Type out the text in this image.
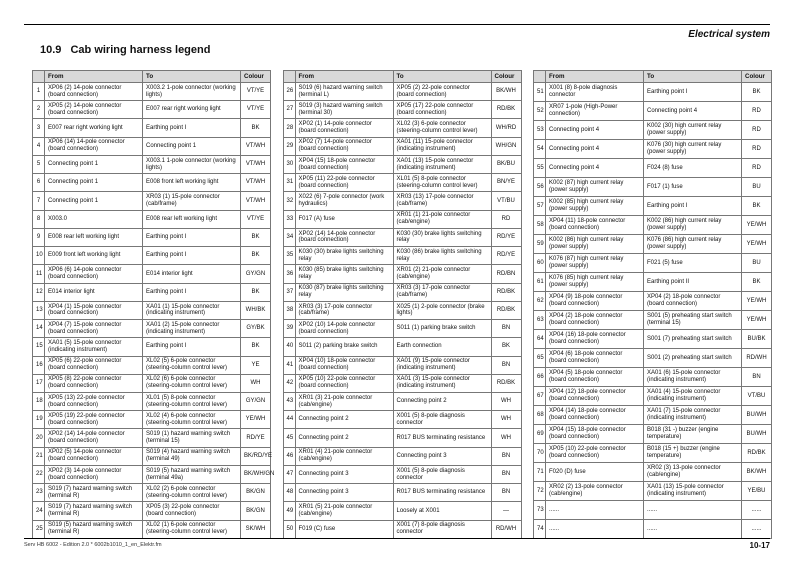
Electrical system
10.9 Cab wiring harness legend
	From	To	Colour
1	XP06 (2) 14-pole connector (board connection)	X003.2 1-pole connector (working lights)	VT/YE
2	XP05 (2) 14-pole connector (board connection)	E007 rear right working light	VT/YE
3	E007 rear right working light	Earthing point I	BK
4	XP06 (14) 14-pole connector (board connection)	Connecting point 1	VT/WH
5	Connecting point 1	X003.1 1-pole connector (working lights)	VT/WH
6	Connecting point 1	E008 front left working light	VT/WH
7	Connecting point 1	XR03 (1) 15-pole connector (cab/frame)	VT/WH
8	X003.0	E008 rear left working light	VT/YE
9	E008 rear left working light	Earthing point I	BK
10	E009 front left working light	Earthing point I	BK
11	XP06 (6) 14-pole connector (board connection)	E014 interior light	GY/GN
12	E014 interior light	Earthing point I	BK
13	XP04 (1) 15-pole connector (board connection)	XA01 (1) 15-pole connector (indicating instrument)	WH/BK
14	XP04 (7) 15-pole connector (board connection)	XA01 (2) 15-pole connector (indicating instrument)	GY/BK
15	XA01 (5) 15-pole connector (indicating instrument)	Earthing point I	BK
16	XP05 (6) 22-pole connector (board connection)	XL02 (5) 6-pole connector (steering-column control lever)	YE
17	XP05 (8) 22-pole connector (board connection)	XL02 (6) 6-pole connector (steering-column control lever)	WH
18	XP05 (13) 22-pole connector (board connection)	XL01 (5) 8-pole connector (steering-column control lever)	GY/GN
19	XP05 (19) 22-pole connector (board connection)	XL02 (4) 6-pole connector (steering-column control lever)	YE/WH
20	XP02 (14) 14-pole connector (board connection)	S019 (1) hazard warning switch (terminal 15)	RD/YE
21	XP02 (5) 14-pole connector (board connection)	S019 (4) hazard warning switch (terminal 49)	BK/RD/YE
22	XP02 (3) 14-pole connector (board connection)	S019 (5) hazard warning switch (terminal 49a)	BK/WH/GN
23	S019 (7) hazard warning switch (terminal R)	XL02 (2) 6-pole connector (steering-column control lever)	BK/GN
24	S019 (7) hazard warning switch (terminal R)	XP05 (3) 22-pole connector (board connection)	BK/GN
25	S019 (5) hazard warning switch (terminal R)	XL02 (1) 6-pole connector (steering-column control lever)	SK/WH
	From	To	Colour
26	S019 (6) hazard warning switch (terminal L)	XP05 (2) 22-pole connector (board connection)	BK/WH
27	S019 (3) hazard warning switch (terminal 30)	XP05 (17) 22-pole connector (board connection)	RD/BK
28	XP02 (1) 14-pole connector (board connection)	XL02 (3) 6-pole connector (steering-column control lever)	WH/RD
29	XP02 (7) 14-pole connector (board connection)	XA01 (11) 15-pole connector (indicating instrument)	WH/GN
30	XP04 (15) 18-pole connector (board connection)	XA01 (13) 15-pole connector (indicating instrument)	BK/BU
31	XP05 (11) 22-pole connector (board connection)	XL01 (5) 8-pole connector (steering-column control lever)	BN/YE
32	X022 (6) 7-pole connector (work hydraulics)	XR03 (13) 17-pole connector (cab/frame)	VT/BU
33	F017 (A) fuse	XR01 (1) 21-pole connector (cab/engine)	RD
34	XP02 (14) 14-pole connector (board connection)	K030 (30) brake lights switching relay	RD/YE
35	K030 (30) brake lights switching relay	K030 (86) brake lights switching relay	RD/YE
36	K030 (85) brake lights switching relay	XR01 (2) 21-pole connector (cab/engine)	RD/BN
37	K030 (87) brake lights switching relay	XR03 (3) 17-pole connector (cab/frame)	RD/BK
38	XR03 (3) 17-pole connector (cab/frame)	X025 (1) 2-pole connector (brake lights)	RD/BK
39	XP02 (10) 14-pole connector (board connection)	S011 (1) parking brake switch	BN
40	S011 (2) parking brake switch	Earth connection	BK
41	XP04 (10) 18-pole connector (board connection)	XA01 (9) 15-pole connector (indicating instrument)	BN
42	XP05 (10) 22-pole connector (board connection)	XA01 (3) 15-pole connector (indicating instrument)	RD/BK
43	XR01 (3) 21-pole connector (cab/engine)	Connecting point 2	WH
44	Connecting point 2	X001 (5) 8-pole diagnosis connector	WH
45	Connecting point 2	R017 BUS terminating resistance	WH
46	XR01 (4) 21-pole connector (cab/engine)	Connecting point 3	BN
47	Connecting point 3	X001 (5) 8-pole diagnosis connector	BN
48	Connecting point 3	R017 BUS terminating resistance	BN
49	XR01 (5) 21-pole connector (cab/engine)	Loosely at X001	—
50	F019 (C) fuse	X001 (7) 8-pole diagnosis connector	RD/WH
	From	To	Colour
51	X001 (8) 8-pole diagnosis connector	Earthing point I	BK
52	XR07 1-pole (High-Power connection)	Connecting point 4	RD
53	Connecting point 4	K002 (30) high current relay (power supply)	RD
54	Connecting point 4	K076 (30) high current relay (power supply)	RD
55	Connecting point 4	F024 (8) fuse	RD
56	K002 (87) high current relay (power supply)	F017 (1) fuse	BU
57	K002 (85) high current relay (power supply)	Earthing point I	BK
58	XP04 (11) 18-pole connector (board connection)	K002 (86) high current relay (power supply)	YE/WH
59	K002 (86) high current relay (power supply)	K076 (86) high current relay (power supply)	YE/WH
60	K076 (87) high current relay (power supply)	F021 (5) fuse	BU
61	K076 (85) high current relay (power supply)	Earthing point II	BK
62	XP04 (9) 18-pole connector (board connection)	XP04 (2) 18-pole connector (board connection)	YE/WH
63	XP04 (2) 18-pole connector (board connection)	S001 (5) preheating start switch (terminal 15)	YE/WH
64	XP04 (16) 18-pole connector (board connection)	S001 (7) preheating start switch	BU/BK
65	XP04 (6) 18-pole connector (board connection)	S001 (2) preheating start switch	RD/WH
66	XP04 (5) 18-pole connector (board connection)	XA01 (6) 15-pole connector (indicating instrument)	BN
67	XP04 (12) 18-pole connector (board connection)	XA01 (4) 15-pole connector (indicating instrument)	VT/BU
68	XP04 (14) 18-pole connector (board connection)	XA01 (7) 15-pole connector (indicating instrument)	BU/WH
69	XP04 (15) 18-pole connector (board connection)	B018 (31 -) buzzer (engine temperature)	BU/WH
70	XP05 (10) 22-pole connector (board connection)	B018 (15 +) buzzer (engine temperature)	RD/BK
71	F020 (D) fuse	XR02 (3) 13-pole connector (cab/engine)	BK/WH
72	XR02 (2) 13-pole connector (cab/engine)	XA01 (13) 15-pole connector (indicating instrument)	YE/BU
73	......	......	......
74	......	......	......
Serv HB 6002 - Edition 2.0 * 6002b1010_1_en_Elektr.fm	10-17
